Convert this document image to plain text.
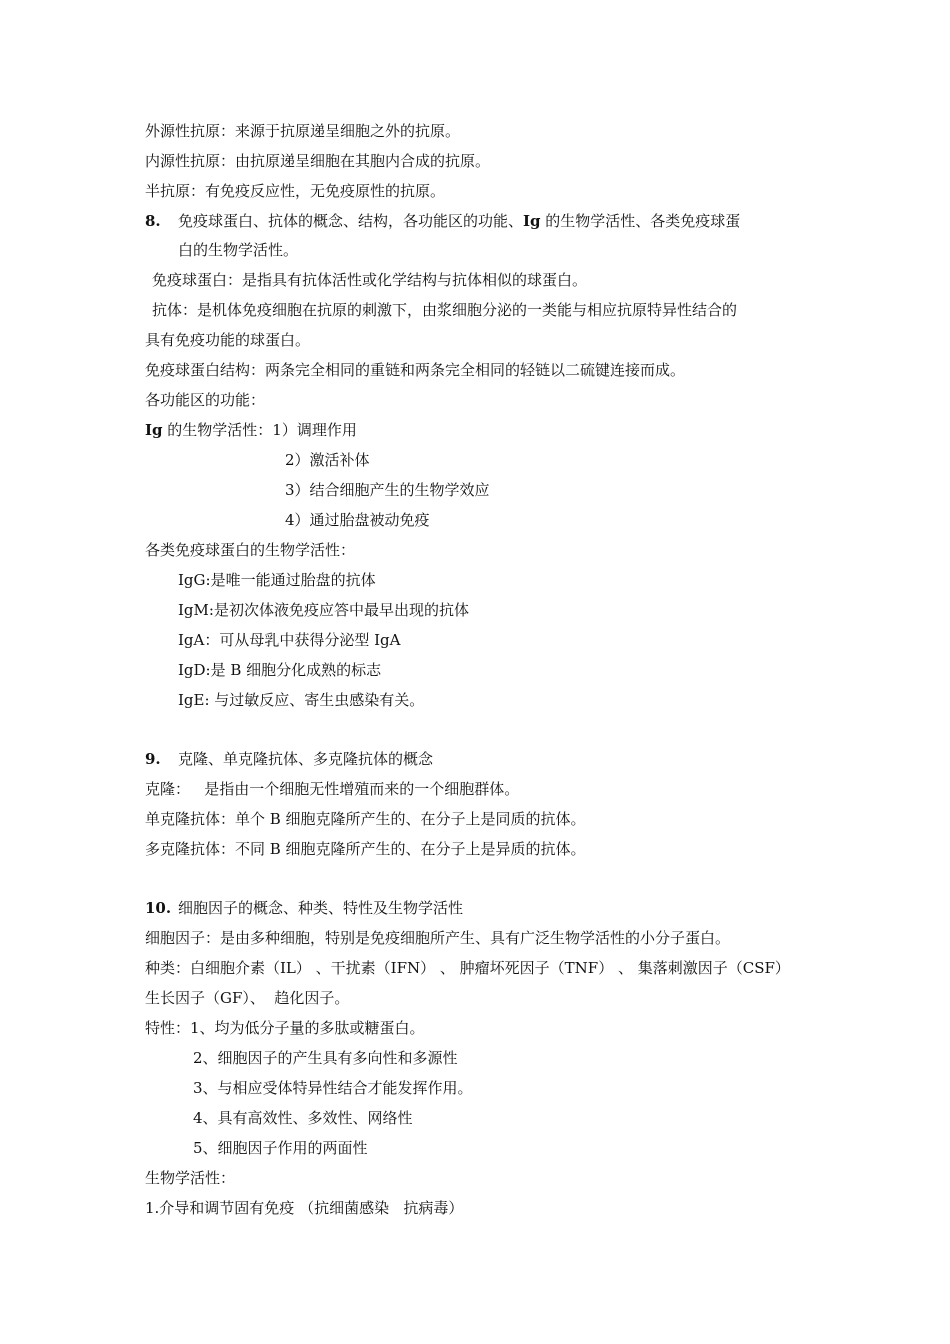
外源性抗原：来源于抗原递呈细胞之外的抗原。
内源性抗原：由抗原递呈细胞在其胞内合成的抗原。
半抗原：有免疫反应性，无免疫原性的抗原。
8. 免疫球蛋白、抗体的概念、结构，各功能区的功能、Ig 的生物学活性、各类免疫球蛋
白的生物学活性。
免疫球蛋白：是指具有抗体活性或化学结构与抗体相似的球蛋白。
抗体：是机体免疫细胞在抗原的刺激下，由浆细胞分泌的一类能与相应抗原特异性结合的
具有免疫功能的球蛋白。
免疫球蛋白结构：两条完全相同的重链和两条完全相同的轻链以二硫键连接而成。
各功能区的功能：
Ig 的生物学活性：1）调理作用
2）激活补体
3）结合细胞产生的生物学效应
4）通过胎盘被动免疫
各类免疫球蛋白的生物学活性：
IgG:是唯一能通过胎盘的抗体
IgM:是初次体液免疫应答中最早出现的抗体
IgA：可从母乳中获得分泌型 IgA
IgD:是 B 细胞分化成熟的标志
IgE: 与过敏反应、寄生虫感染有关。
9. 克隆、单克隆抗体、多克隆抗体的概念
克隆：   是指由一个细胞无性增殖而来的一个细胞群体。
单克隆抗体：单个 B 细胞克隆所产生的、在分子上是同质的抗体。
多克隆抗体：不同 B 细胞克隆所产生的、在分子上是异质的抗体。
10. 细胞因子的概念、种类、特性及生物学活性
细胞因子：是由多种细胞，特别是免疫细胞所产生、具有广泛生物学活性的小分子蛋白。
种类：白细胞介素（IL） 、干扰素（IFN） 、 肿瘤坏死因子（TNF） 、 集落刺激因子（CSF）
生长因子（GF）、  趋化因子。
特性：1、均为低分子量的多肽或糖蛋白。
2、细胞因子的产生具有多向性和多源性
3、与相应受体特异性结合才能发挥作用。
4、具有高效性、多效性、网络性
5、细胞因子作用的两面性
生物学活性：
1.介导和调节固有免疫 （抗细菌感染   抗病毒）
